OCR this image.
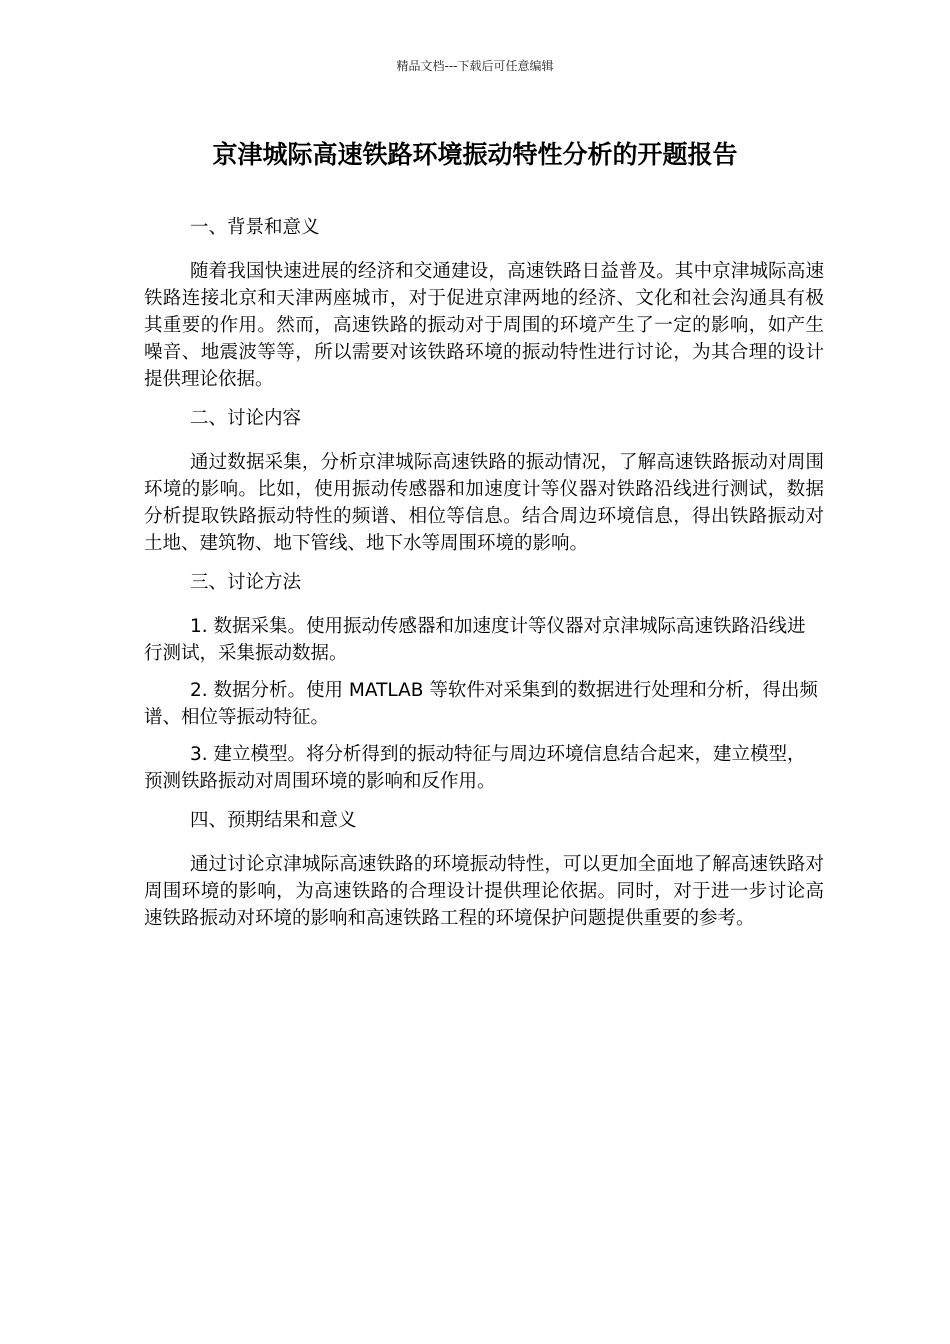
精品文档---下载后可任意编辑
京津城际高速铁路环境振动特性分析的开题报告

一、背景和意义

随着我国快速进展的经济和交通建设，高速铁路日益普及。其中京津城际高速铁路连接北京和天津两座城市，对于促进京津两地的经济、文化和社会沟通具有极其重要的作用。然而，高速铁路的振动对于周围的环境产生了一定的影响，如产生噪音、地震波等等，所以需要对该铁路环境的振动特性进行讨论，为其合理的设计提供理论依据。

二、讨论内容

通过数据采集，分析京津城际高速铁路的振动情况，了解高速铁路振动对周围环境的影响。比如，使用振动传感器和加速度计等仪器对铁路沿线进行测试，数据分析提取铁路振动特性的频谱、相位等信息。结合周边环境信息，得出铁路振动对土地、建筑物、地下管线、地下水等周围环境的影响。

三、讨论方法

1. 数据采集。使用振动传感器和加速度计等仪器对京津城际高速铁路沿线进行测试，采集振动数据。

2. 数据分析。使用 MATLAB 等软件对采集到的数据进行处理和分析，得出频谱、相位等振动特征。

3. 建立模型。将分析得到的振动特征与周边环境信息结合起来，建立模型，预测铁路振动对周围环境的影响和反作用。

四、预期结果和意义

通过讨论京津城际高速铁路的环境振动特性，可以更加全面地了解高速铁路对周围环境的影响，为高速铁路的合理设计提供理论依据。同时，对于进一步讨论高速铁路振动对环境的影响和高速铁路工程的环境保护问题提供重要的参考。
